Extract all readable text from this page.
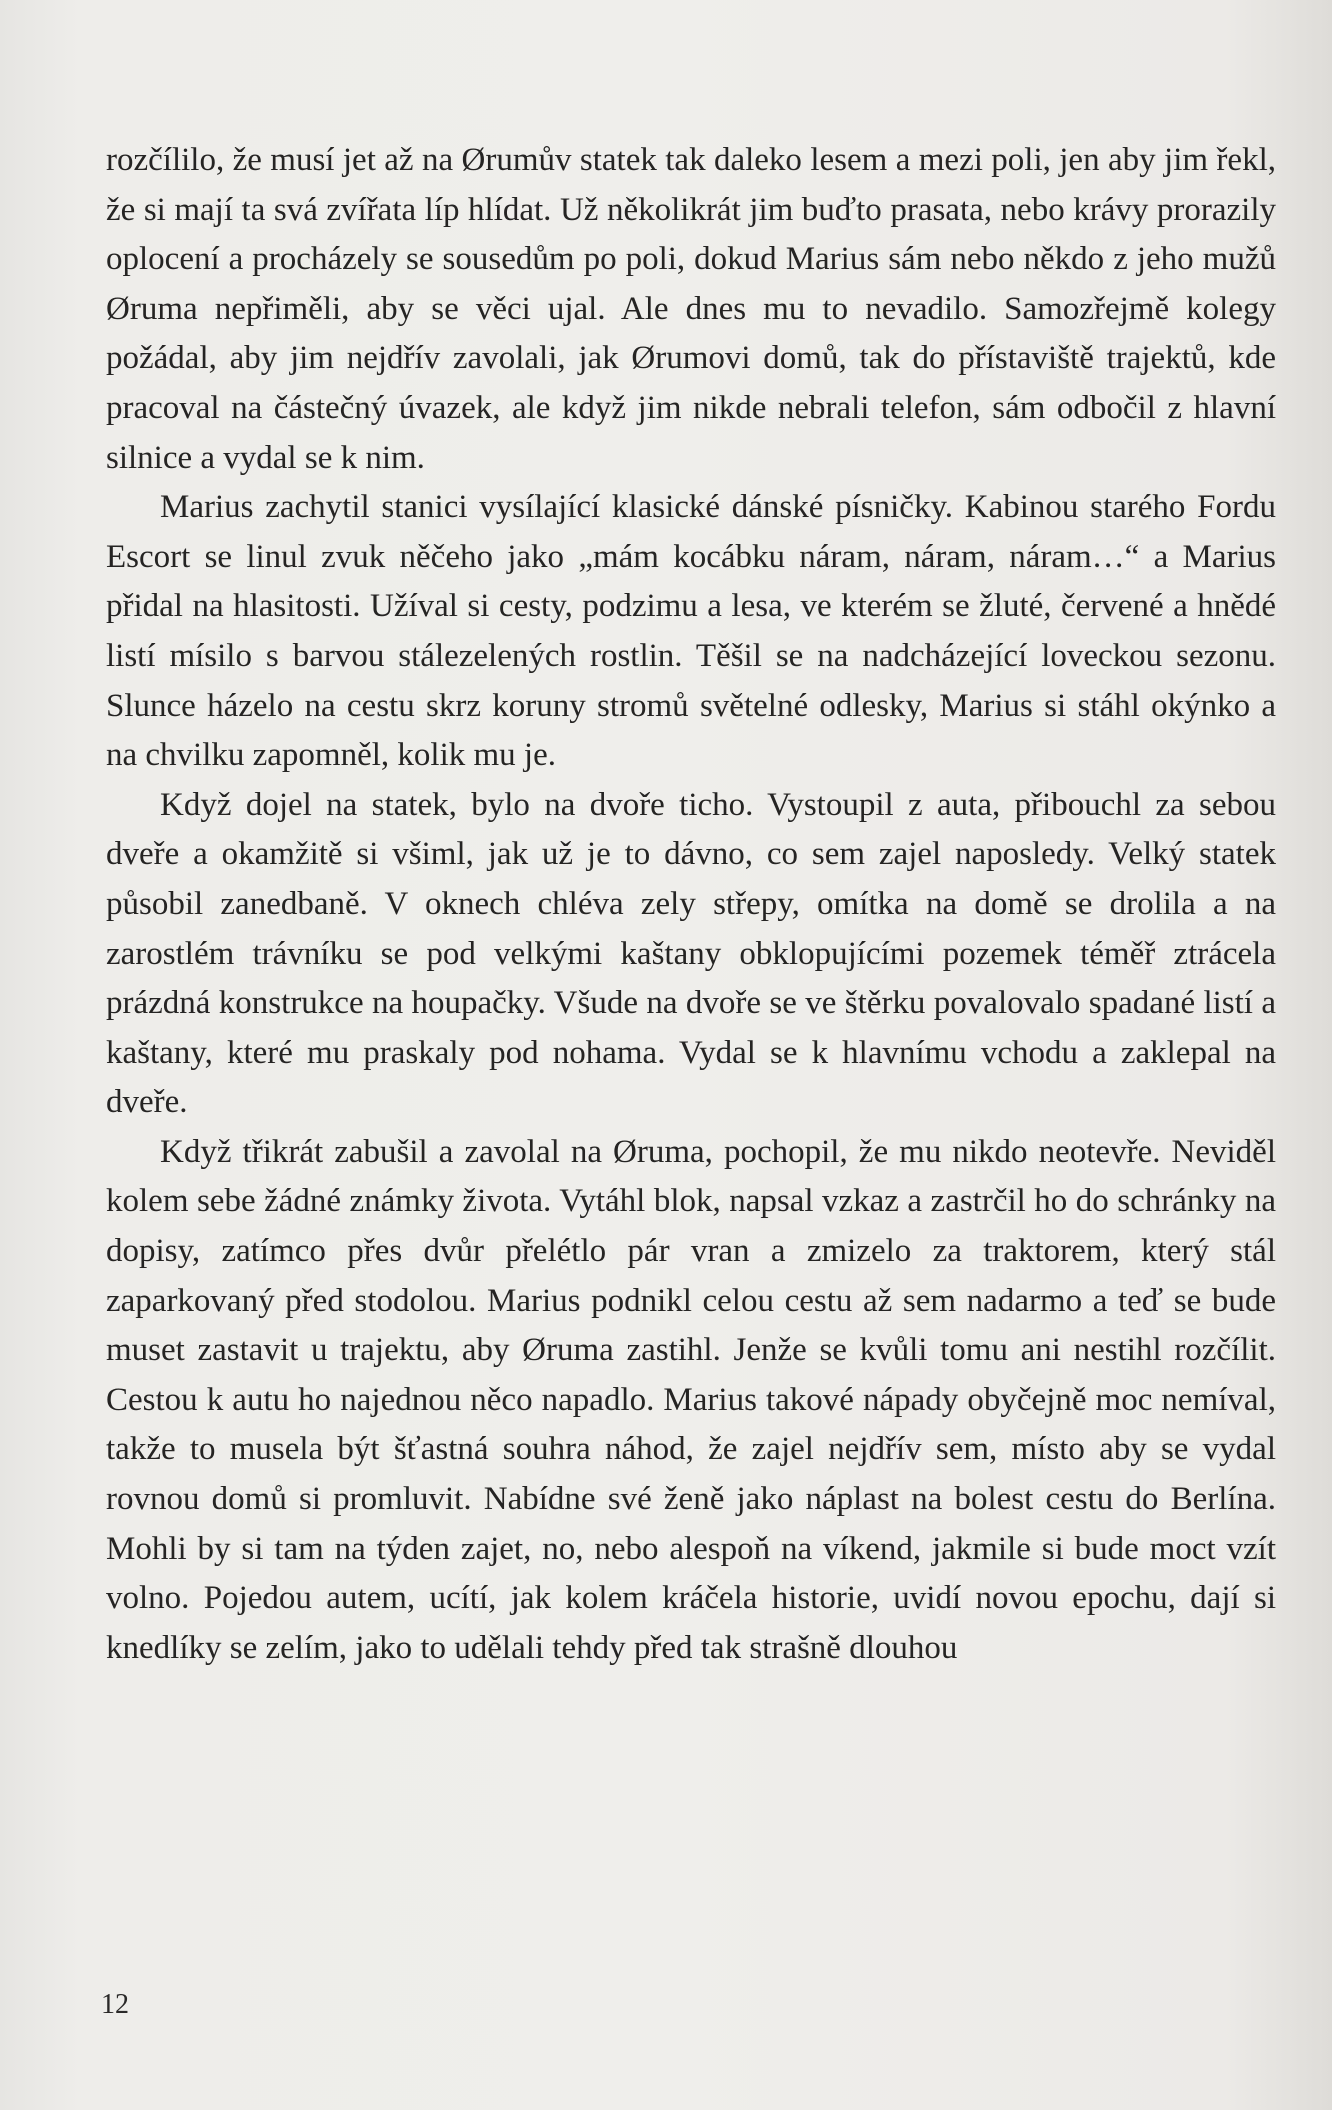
rozčílilo, že musí jet až na Ørumův statek tak daleko lesem a mezi poli, jen aby jim řekl, že si mají ta svá zvířata líp hlídat. Už několikrát jim buďto prasata, nebo krávy prorazily oplocení a procházely se sousedům po poli, dokud Marius sám nebo někdo z jeho mužů Øruma nepřiměli, aby se věci ujal. Ale dnes mu to nevadilo. Samozřejmě kolegy požádal, aby jim nejdřív zavolali, jak Ørumovi domů, tak do přístaviště trajektů, kde pracoval na částečný úvazek, ale když jim nikde nebrali telefon, sám odbočil z hlavní silnice a vydal se k nim.

Marius zachytil stanici vysílající klasické dánské písničky. Kabinou starého Fordu Escort se linul zvuk něčeho jako „mám kocábku náram, náram, náram…“ a Marius přidal na hlasitosti. Užíval si cesty, podzimu a lesa, ve kterém se žluté, červené a hnědé listí mísilo s barvou stálezelených rostlin. Těšil se na nadcházející loveckou sezonu. Slunce házelo na cestu skrz koruny stromů světelné odlesky, Marius si stáhl okýnko a na chvilku zapomněl, kolik mu je.

Když dojel na statek, bylo na dvoře ticho. Vystoupil z auta, přibouchl za sebou dveře a okamžitě si všiml, jak už je to dávno, co sem zajel naposledy. Velký statek působil zanedbaně. V oknech chléva zely střepy, omítka na domě se drolila a na zarostlém trávníku se pod velkými kaštany obklopujícími pozemek téměř ztrácela prázdná konstrukce na houpačky. Všude na dvoře se ve štěrku povalovalo spadané listí a kaštany, které mu praskaly pod nohama. Vydal se k hlavnímu vchodu a zaklepal na dveře.

Když třikrát zabušil a zavolal na Øruma, pochopil, že mu nikdo neotevře. Neviděl kolem sebe žádné známky života. Vytáhl blok, napsal vzkaz a zastrčil ho do schránky na dopisy, zatímco přes dvůr přelétlo pár vran a zmizelo za traktorem, který stál zaparkovaný před stodolou. Marius podnikl celou cestu až sem nadarmo a teď se bude muset zastavit u trajektu, aby Øruma zastihl. Jenže se kvůli tomu ani nestihl rozčílit. Cestou k autu ho najednou něco napadlo. Marius takové nápady obyčejně moc nemíval, takže to musela být šťastná souhra náhod, že zajel nejdřív sem, místo aby se vydal rovnou domů si promluvit. Nabídne své ženě jako náplast na bolest cestu do Berlína. Mohli by si tam na týden zajet, no, nebo alespoň na víkend, jakmile si bude moct vzít volno. Pojedou autem, ucítí, jak kolem kráčela historie, uvidí novou epochu, dají si knedlíky se zelím, jako to udělali tehdy před tak strašně dlouhou

12
